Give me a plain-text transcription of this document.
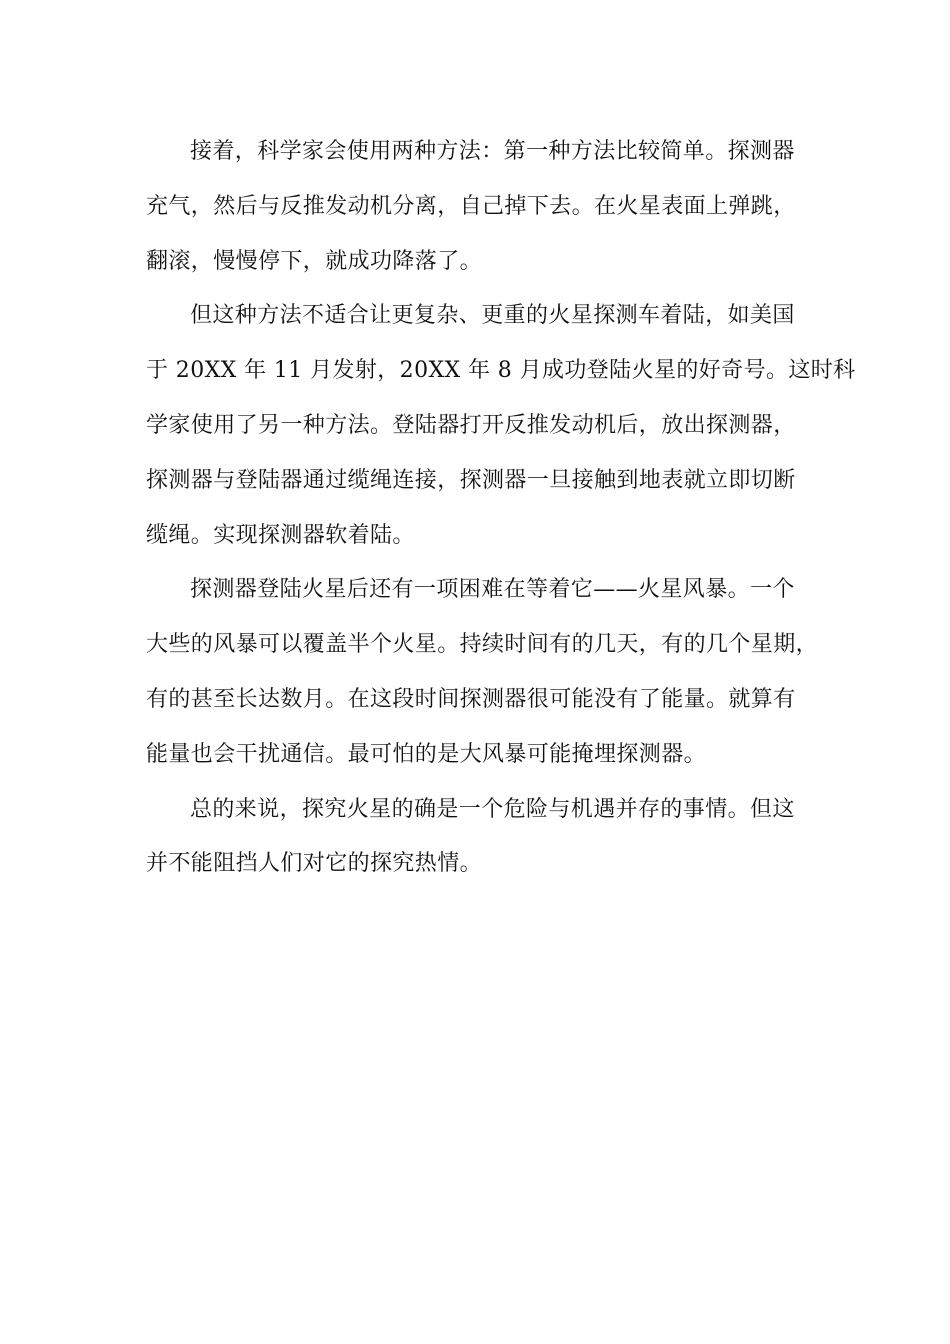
接着，科学家会使用两种方法：第一种方法比较简单。探测器
充气，然后与反推发动机分离，自己掉下去。在火星表面上弹跳，
翻滚，慢慢停下，就成功降落了。
但这种方法不适合让更复杂、更重的火星探测车着陆，如美国
于 20XX 年 11 月发射，20XX 年 8 月成功登陆火星的好奇号。这时科
学家使用了另一种方法。登陆器打开反推发动机后，放出探测器，
探测器与登陆器通过缆绳连接，探测器一旦接触到地表就立即切断
缆绳。实现探测器软着陆。
探测器登陆火星后还有一项困难在等着它——火星风暴。一个
大些的风暴可以覆盖半个火星。持续时间有的几天，有的几个星期，
有的甚至长达数月。在这段时间探测器很可能没有了能量。就算有
能量也会干扰通信。最可怕的是大风暴可能掩埋探测器。
总的来说，探究火星的确是一个危险与机遇并存的事情。但这
并不能阻挡人们对它的探究热情。
